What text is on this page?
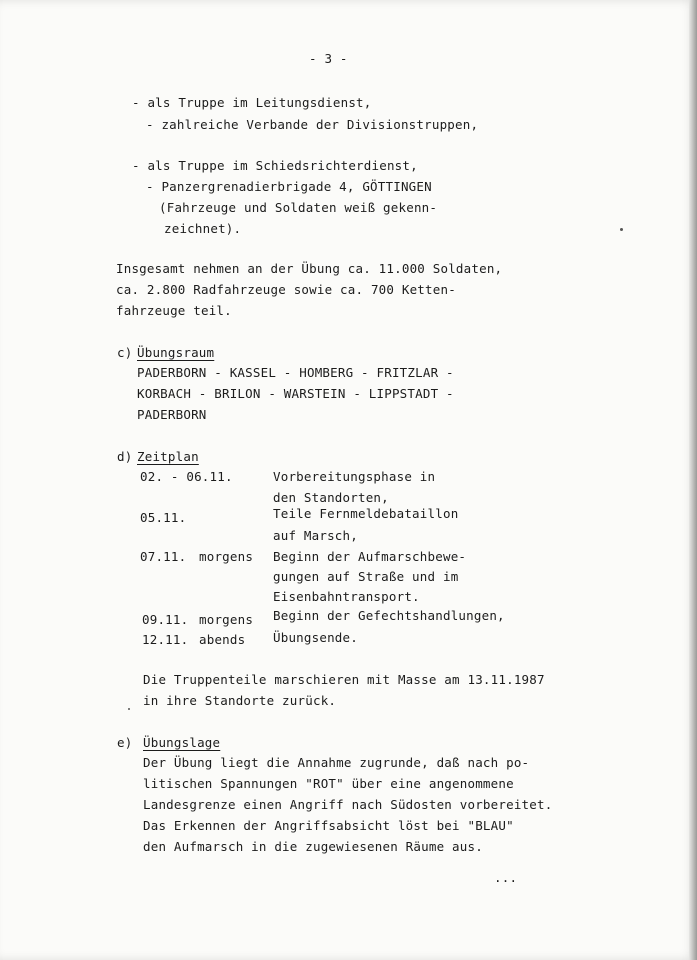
- 3 -
- als Truppe im Leitungsdienst,
- zahlreiche Verbande der Divisionstruppen,
- als Truppe im Schiedsrichterdienst,
- Panzergrenadierbrigade 4, GÖTTINGEN
(Fahrzeuge und Soldaten weiß gekenn-
zeichnet).
Insgesamt nehmen an der Übung ca. 11.000 Soldaten,
ca. 2.800 Radfahrzeuge sowie ca. 700 Ketten-
fahrzeuge teil.
c) Übungsraum
PADERBORN - KASSEL - HOMBERG - FRITZLAR -
KORBACH - BRILON - WARSTEIN - LIPPSTADT -
PADERBORN
d) Zeitplan
02. - 06.11.	Vorbereitungsphase in
den Standorten,
05.11.	Teile Fernmeldebataillon
auf Marsch,
07.11. morgens Beginn der Aufmarschbewe-
gungen auf Straße und im
Eisenbahntransport.
09.11. morgens Beginn der Gefechtshandlungen,
12.11. abends Übungsende.
Die Truppenteile marschieren mit Masse am 13.11.1987
in ihre Standorte zurück.
e) Übungslage
Der Übung liegt die Annahme zugrunde, daß nach po-
litischen Spannungen "ROT" über eine angenommene
Landesgrenze einen Angriff nach Südosten vorbereitet.
Das Erkennen der Angriffsabsicht löst bei "BLAU"
den Aufmarsch in die zugewiesenen Räume aus.
...
